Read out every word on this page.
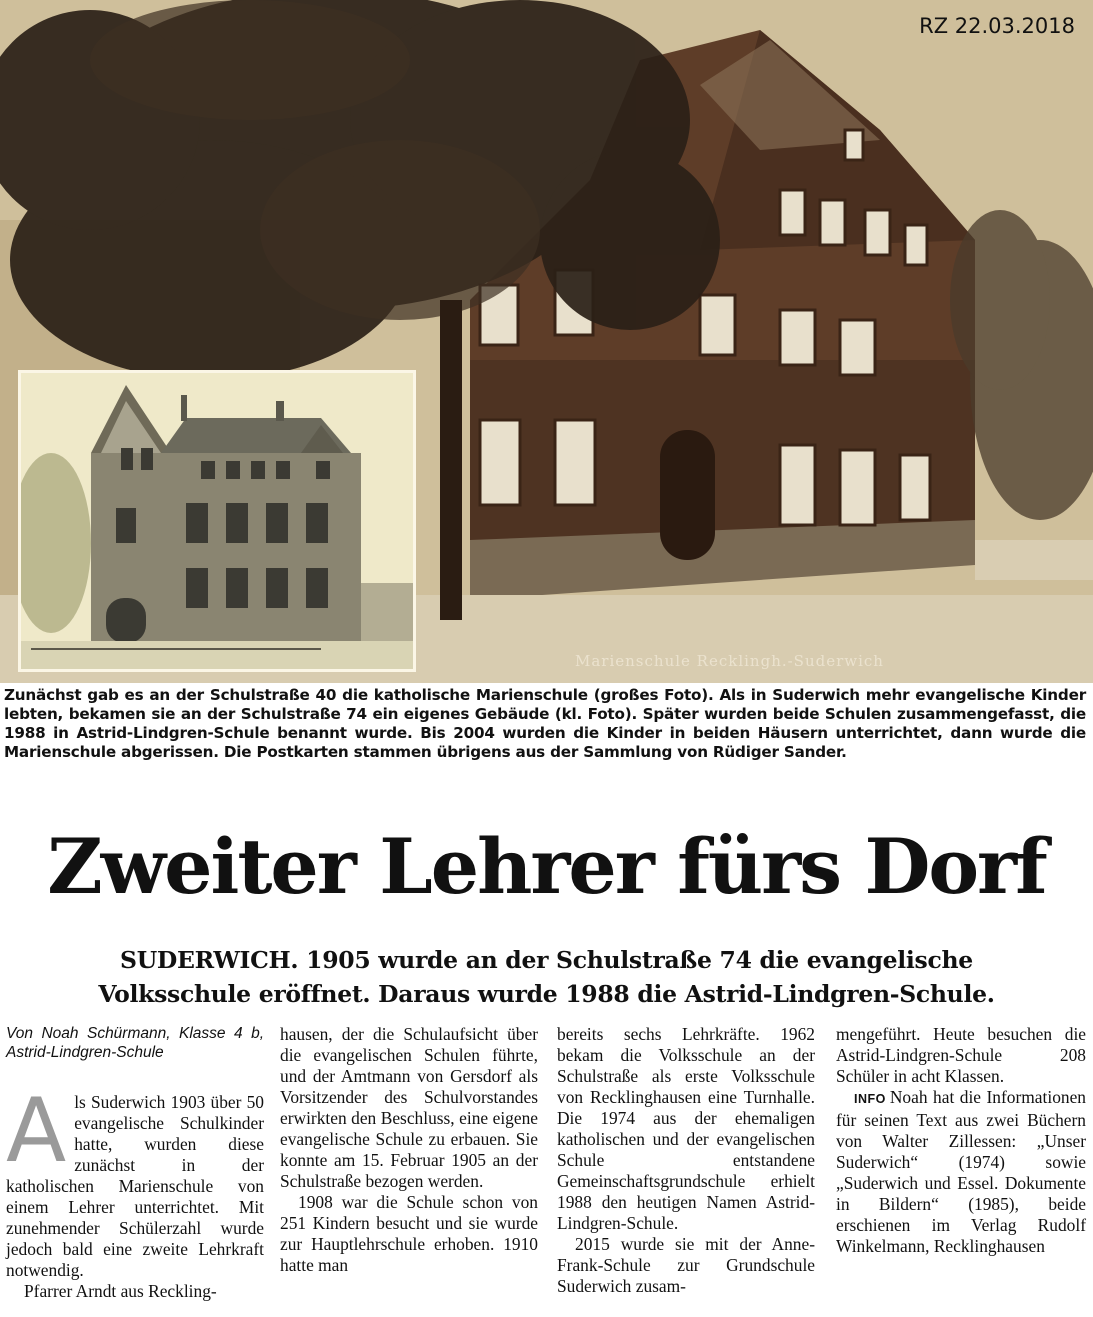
RZ 22.03.2018
Marienschule Recklingh.-Suderwich
Zunächst gab es an der Schulstraße 40 die katholische Marienschule (großes Foto). Als in Suderwich mehr evangelische Kinder lebten, bekamen sie an der Schulstraße 74 ein eigenes Gebäude (kl. Foto). Später wurden beide Schulen zusammengefasst, die 1988 in Astrid-Lindgren-Schule benannt wurde. Bis 2004 wurden die Kinder in beiden Häusern unterrichtet, dann wurde die Marienschule abgerissen. Die Postkarten stammen übrigens aus der Sammlung von Rüdiger Sander.
Zweiter Lehrer fürs Dorf
SUDERWICH. 1905 wurde an der Schulstraße 74 die evangelische Volksschule eröffnet. Daraus wurde 1988 die Astrid-Lindgren-Schule.
Von Noah Schürmann, Klasse 4 b, Astrid-Lindgren-Schule

Als Suderwich 1903 über 50 evangelische Schulkinder hatte, wurden diese zunächst in der katholischen Marienschule von einem Lehrer unterrichtet. Mit zunehmender Schülerzahl wurde jedoch bald eine zweite Lehrkraft notwendig.

Pfarrer Arndt aus Reckling-

hausen, der die Schulaufsicht über die evangelischen Schulen führte, und der Amtmann von Gersdorf als Vorsitzender des Schulvorstandes erwirkten den Beschluss, eine eigene evangelische Schule zu erbauen. Sie konnte am 15. Februar 1905 an der Schulstraße bezogen werden.

1908 war die Schule schon von 251 Kindern besucht und sie wurde zur Hauptlehrschule erhoben. 1910 hatte man

bereits sechs Lehrkräfte. 1962 bekam die Volksschule an der Schulstraße als erste Volksschule von Recklinghausen eine Turnhalle. Die 1974 aus der ehemaligen katholischen und der evangelischen Schule entstandene Gemeinschaftsgrundschule erhielt 1988 den heutigen Namen Astrid-Lindgren-Schule.

2015 wurde sie mit der Anne-Frank-Schule zur Grundschule Suderwich zusam-

mengeführt. Heute besuchen die Astrid-Lindgren-Schule 208 Schüler in acht Klassen.

INFO Noah hat die Informationen für seinen Text aus zwei Büchern von Walter Zillessen: „Unser Suderwich“ (1974) sowie „Suderwich und Essel. Dokumente in Bildern“ (1985), beide erschienen im Verlag Rudolf Winkelmann, Recklinghausen
